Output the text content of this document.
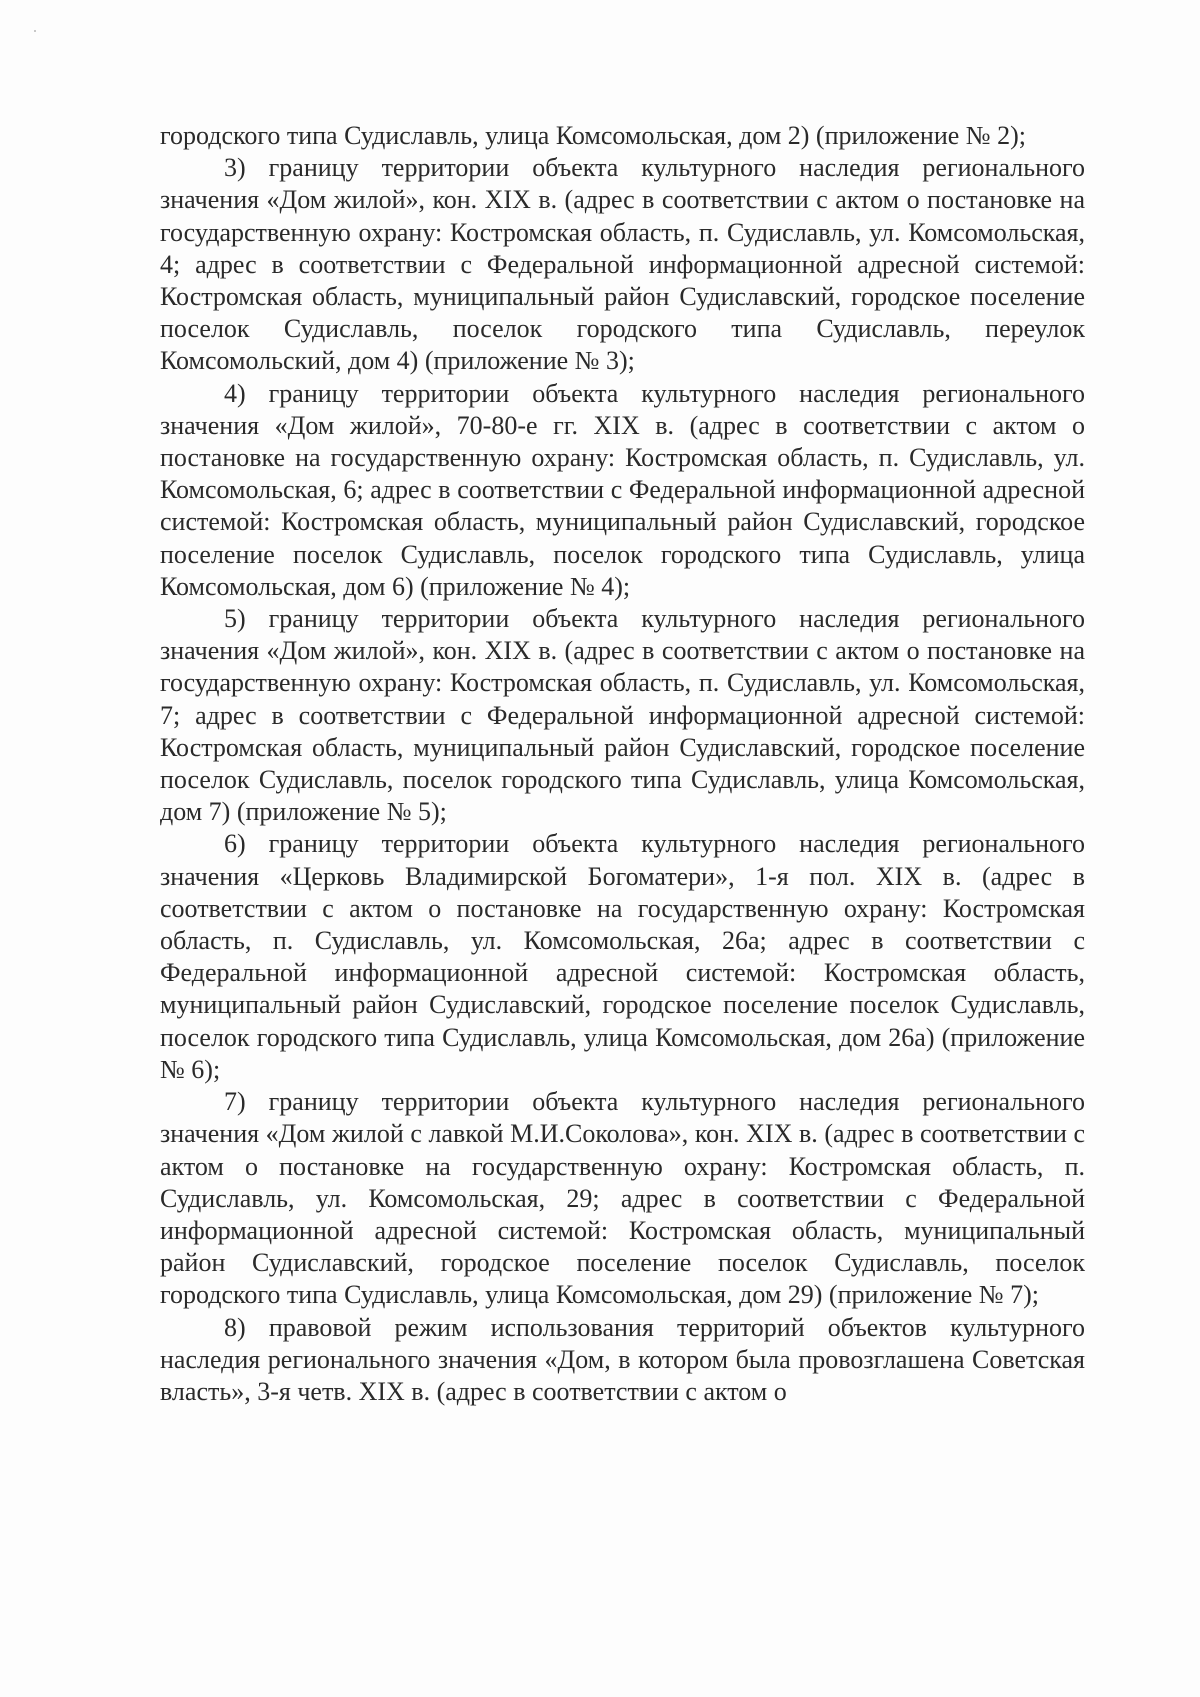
городского типа Судиславль, улица Комсомольская, дом 2) (приложение № 2);

3) границу территории объекта культурного наследия регионального значения «Дом жилой», кон. XIX в. (адрес в соответствии с актом о постановке на государственную охрану: Костромская область, п. Судиславль, ул. Комсомольская, 4; адрес в соответствии с Федеральной информационной адресной системой: Костромская область, муниципальный район Судиславский, городское поселение поселок Судиславль, поселок городского типа Судиславль, переулок Комсомольский, дом 4) (приложение № 3);

4) границу территории объекта культурного наследия регионального значения «Дом жилой», 70-80-е гг. XIX в. (адрес в соответствии с актом о постановке на государственную охрану: Костромская область, п. Судиславль, ул. Комсомольская, 6; адрес в соответствии с Федеральной информационной адресной системой: Костромская область, муниципальный район Судиславский, городское поселение поселок Судиславль, поселок городского типа Судиславль, улица Комсомольская, дом 6) (приложение № 4);

5) границу территории объекта культурного наследия регионального значения «Дом жилой», кон. XIX в. (адрес в соответствии с актом о постановке на государственную охрану: Костромская область, п. Судиславль, ул. Комсомольская, 7; адрес в соответствии с Федеральной информационной адресной системой: Костромская область, муниципальный район Судиславский, городское поселение поселок Судиславль, поселок городского типа Судиславль, улица Комсомольская, дом 7) (приложение № 5);

6) границу территории объекта культурного наследия регионального значения «Церковь Владимирской Богоматери», 1-я пол. XIX в. (адрес в соответствии с актом о постановке на государственную охрану: Костромская область, п. Судиславль, ул. Комсомольская, 26а; адрес в соответствии с Федеральной информационной адресной системой: Костромская область, муниципальный район Судиславский, городское поселение поселок Судиславль, поселок городского типа Судиславль, улица Комсомольская, дом 26а) (приложение № 6);

7) границу территории объекта культурного наследия регионального значения «Дом жилой с лавкой М.И.Соколова», кон. XIX в. (адрес в соответствии с актом о постановке на государственную охрану: Костромская область, п. Судиславль, ул. Комсомольская, 29; адрес в соответствии с Федеральной информационной адресной системой: Костромская область, муниципальный район Судиславский, городское поселение поселок Судиславль, поселок городского типа Судиславль, улица Комсомольская, дом 29) (приложение № 7);

8) правовой режим использования территорий объектов культурного наследия регионального значения «Дом, в котором была провозглашена Советская власть», 3-я четв. XIX в. (адрес в соответствии с актом о
